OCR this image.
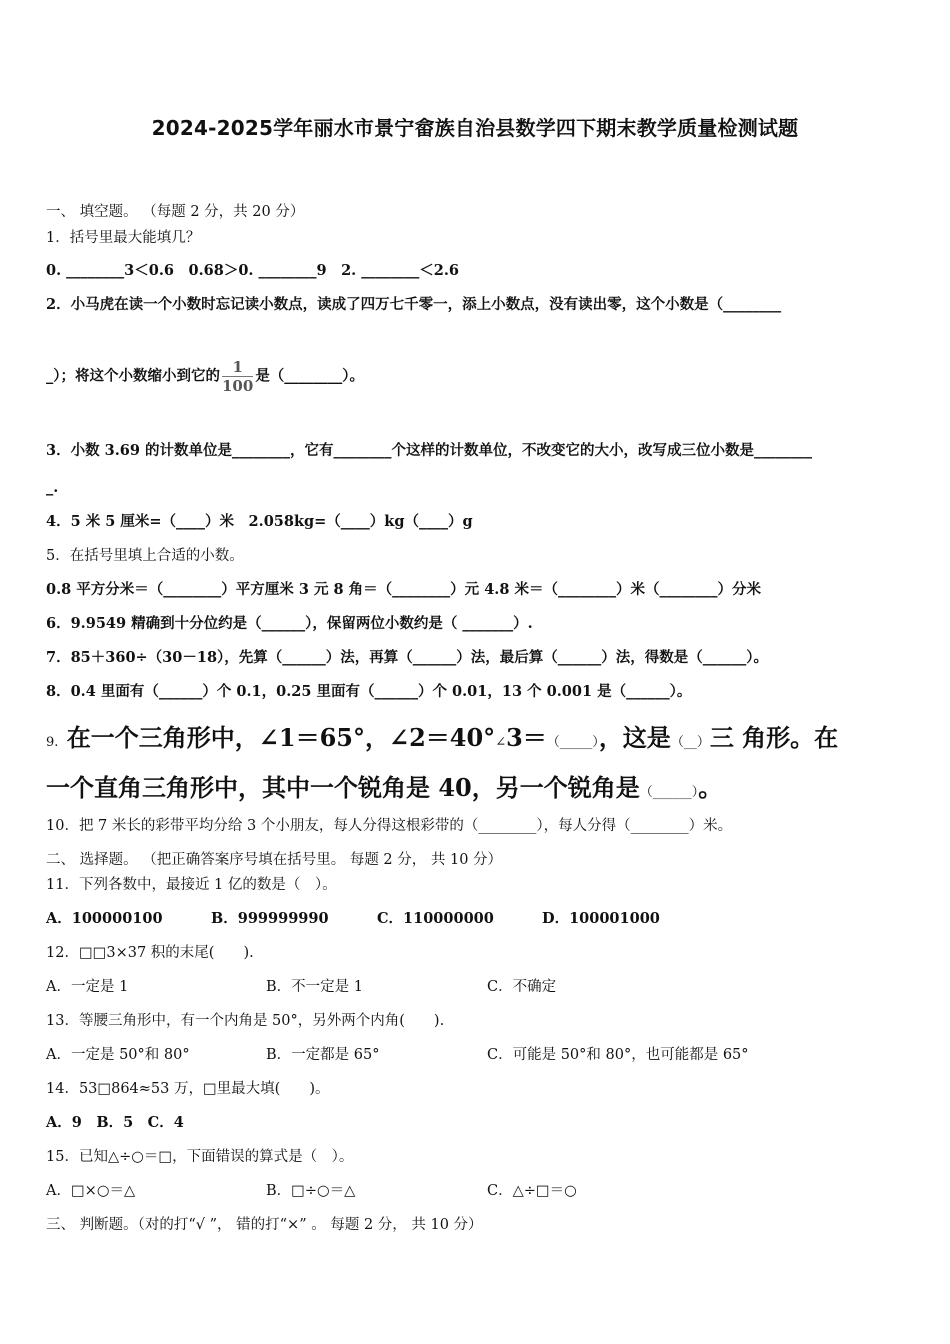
2024-2025学年丽水市景宁畲族自治县数学四下期末教学质量检测试题
一、 填空题。 （每题 2 分，共 20 分）
1．括号里最大能填几？
0. ________3＜0.6　0.68＞0. ________9　2. ________＜2.6
2．小马虎在读一个小数时忘记读小数点，读成了四万七千零一，添上小数点，没有读出零，这个小数是（________
_）；将这个小数缩小到它的 $\frac{1}{100}$ 是（________）。
3．小数 3.69 的计数单位是________，它有________个这样的计数单位，不改变它的大小，改写成三位小数是________
_.
4．5 米 5 厘米=（____）米　2.058kg=（____）kg（____）g
5．在括号里填上合适的小数。
0.8 平方分米＝（________）平方厘米 3 元 8 角＝（________）元 4.8 米＝（________）米（________）分米
6．9.9549 精确到十分位约是（______），保留两位小数约是（ _______）.
7．85＋360÷（30－18），先算（______）法，再算（______）法，最后算（______）法，得数是（______）。
8．0.4 里面有（______）个 0.1，0.25 里面有（______）个 0.01，13 个 0.001 是（______）。
9. 在一个三角形中，∠1＝65°，∠2＝40°∠3＝（_____），这是（__）三 角形。在
一个直角三角形中，其中一个锐角是 40，另一个锐角是（______）。
10．把 7 米长的彩带平均分给 3 个小朋友，每人分得这根彩带的（________），每人分得（________）米。
二、 选择题。 （把正确答案序号填在括号里。 每题 2 分， 共 10 分）
11．下列各数中，最接近 1 亿的数是（　）。
A．100000100	B．999999990	C．110000000	D．100001000
12．□□3×37 积的末尾(　　).
A．一定是 1	B．不一定是 1	C．不确定
13．等腰三角形中，有一个内角是 50°，另外两个内角(　　).
A．一定是 50°和 80°	B．一定都是 65°	C．可能是 50°和 80°，也可能都是 65°
14．53□864≈53 万，□里最大填(　　)。
A．9　B．5　C．4
15．已知△÷○＝□，下面错误的算式是（　）。
A．□×○＝△	B．□÷○＝△	C．△÷□＝○
三、 判断题。（对的打“√ ”， 错的打“×” 。 每题 2 分， 共 10 分）
